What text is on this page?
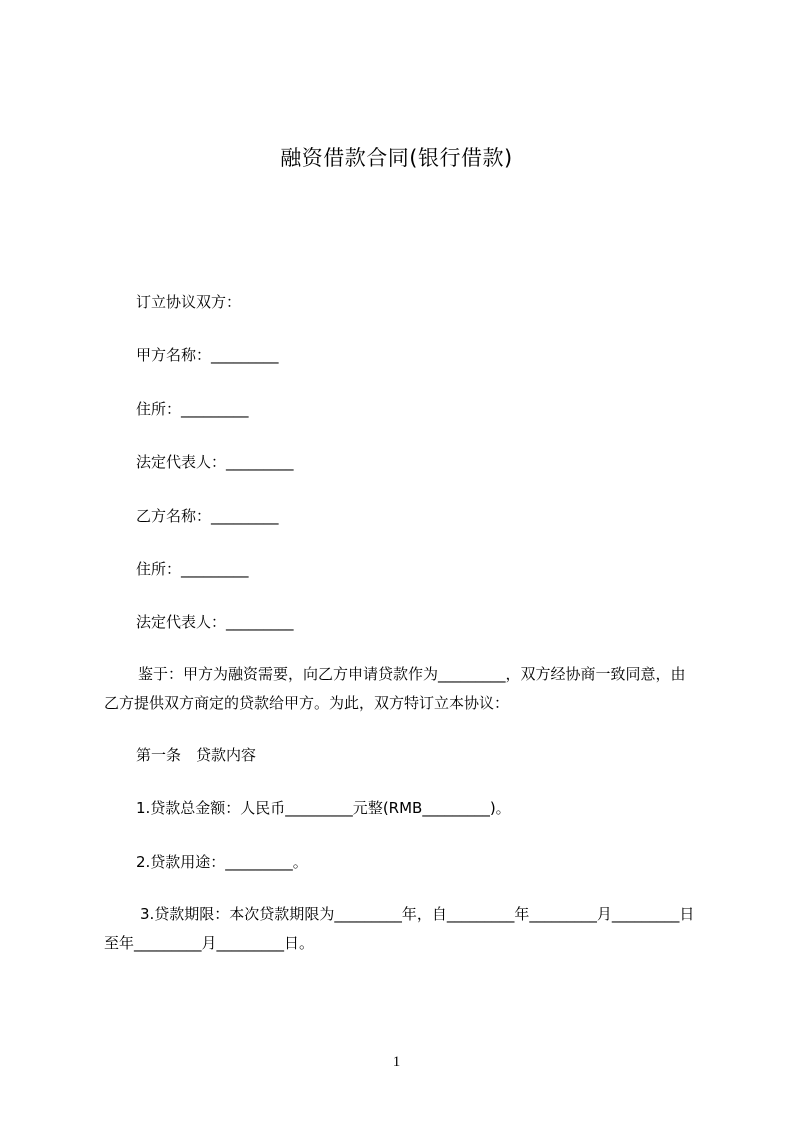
融资借款合同(银行借款)
订立协议双方：
甲方名称：_________
住所：_________
法定代表人：_________
乙方名称：_________
住所：_________
法定代表人：_________
鉴于：甲方为融资需要，向乙方申请贷款作为_________，双方经协商一致同意，由乙方提供双方商定的贷款给甲方。为此，双方特订立本协议：
第一条　贷款内容
1.贷款总金额：人民币_________元整(RMB_________)。
2.贷款用途：_________。
3.贷款期限：本次贷款期限为_________年，自_________年_________月_________日至年_________月_________日。
1
